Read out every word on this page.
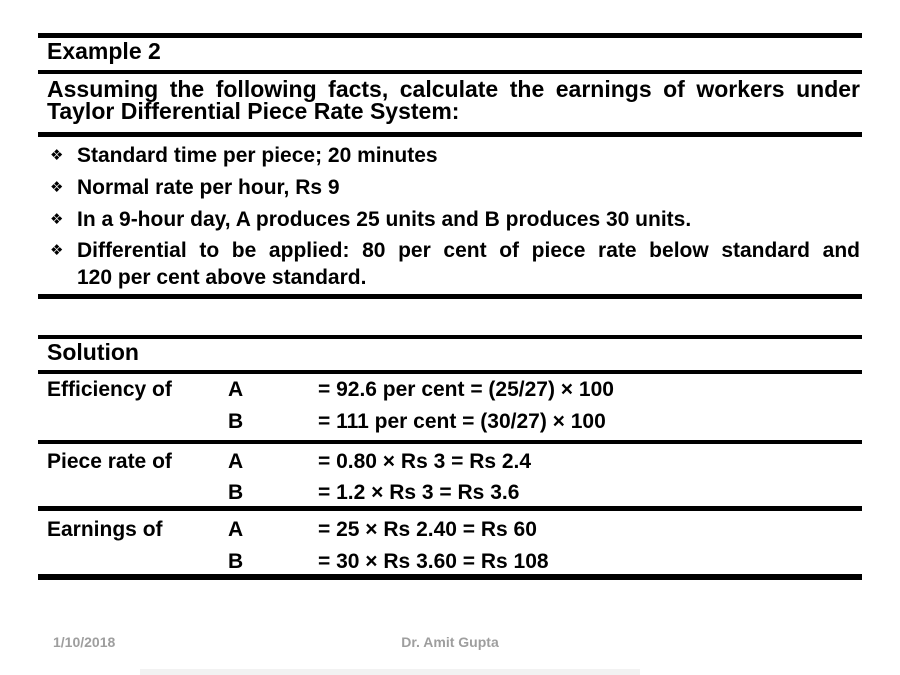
Example 2
Assuming the following facts, calculate the earnings of workers under
Taylor Differential Piece Rate System:
❖ Standard time per piece; 20 minutes
❖ Normal rate per hour, Rs 9
❖ In a 9-hour day, A produces 25 units and B produces 30 units.
❖ Differential to be applied: 80 per cent of piece rate below standard and
120 per cent above standard.
Solution
Efficiency of	A	= 92.6 per cent = (25/27) × 100
B	= 111 per cent = (30/27) × 100
Piece rate of	A	= 0.80 × Rs 3 = Rs 2.4
B	= 1.2 × Rs 3 = Rs 3.6
Earnings of	A	= 25 × Rs 2.40 = Rs 60
B	= 30 × Rs 3.60 = Rs 108
1/10/2018	Dr. Amit Gupta
